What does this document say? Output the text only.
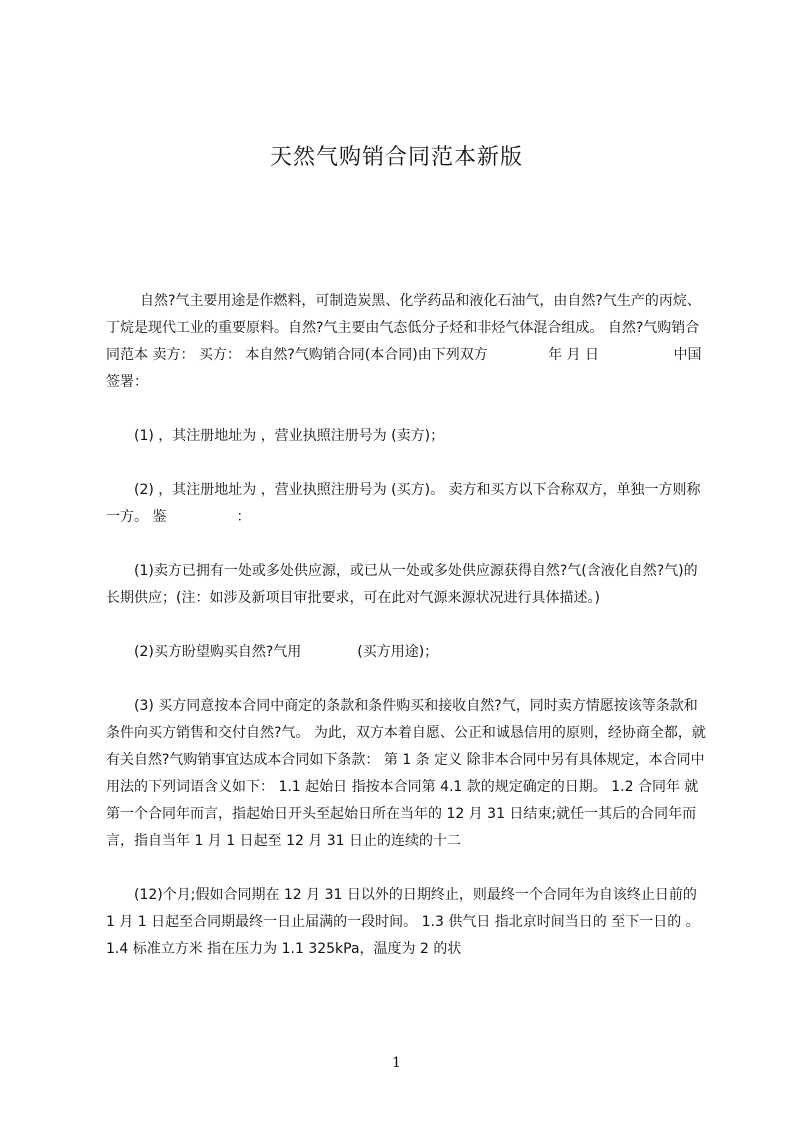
天然气购销合同范本新版

自然?气主要用途是作燃料，可制造炭黑、化学药品和液化石油气，由自然?气生产的丙烷、丁烷是现代工业的重要原料。自然?气主要由气态低分子烃和非烃气体混合组成。 自然?气购销合同范本 卖方： 买方： 本自然?气购销合同(本合同)由下列双方　　　　 年 月 日 　　　　　中国 签署：

(1) ，其注册地址为 ，营业执照注册号为 (卖方)；

(2) ，其注册地址为 ，营业执照注册号为 (买方)。 卖方和买方以下合称双方，单独一方则称一方。 鉴　　　　　：

(1)卖方已拥有一处或多处供应源，或已从一处或多处供应源获得自然?气(含液化自然?气)的长期供应；(注：如涉及新项目审批要求，可在此对气源来源状况进行具体描述。)

(2)买方盼望购买自然?气用　　　　(买方用途)；

(3) 买方同意按本合同中商定的条款和条件购买和接收自然?气，同时卖方情愿按该等条款和条件向买方销售和交付自然?气。 为此，双方本着自愿、公正和诚恳信用的原则，经协商全都，就有关自然?气购销事宜达成本合同如下条款： 第 1 条 定义 除非本合同中另有具体规定，本合同中用法的下列词语含义如下： 1.1 起始日 指按本合同第 4.1 款的规定确定的日期。 1.2 合同年 就第一个合同年而言，指起始日开头至起始日所在当年的 12 月 31 日结束;就任一其后的合同年而言，指自当年 1 月 1 日起至 12 月 31 日止的连续的十二

(12)个月;假如合同期在 12 月 31 日以外的日期终止，则最终一个合同年为自该终止日前的 1 月 1 日起至合同期最终一日止届满的一段时间。 1.3 供气日 指北京时间当日的 至下一日的 。 1.4 标准立方米 指在压力为 1.1 325kPa，温度为 2 的状

1
